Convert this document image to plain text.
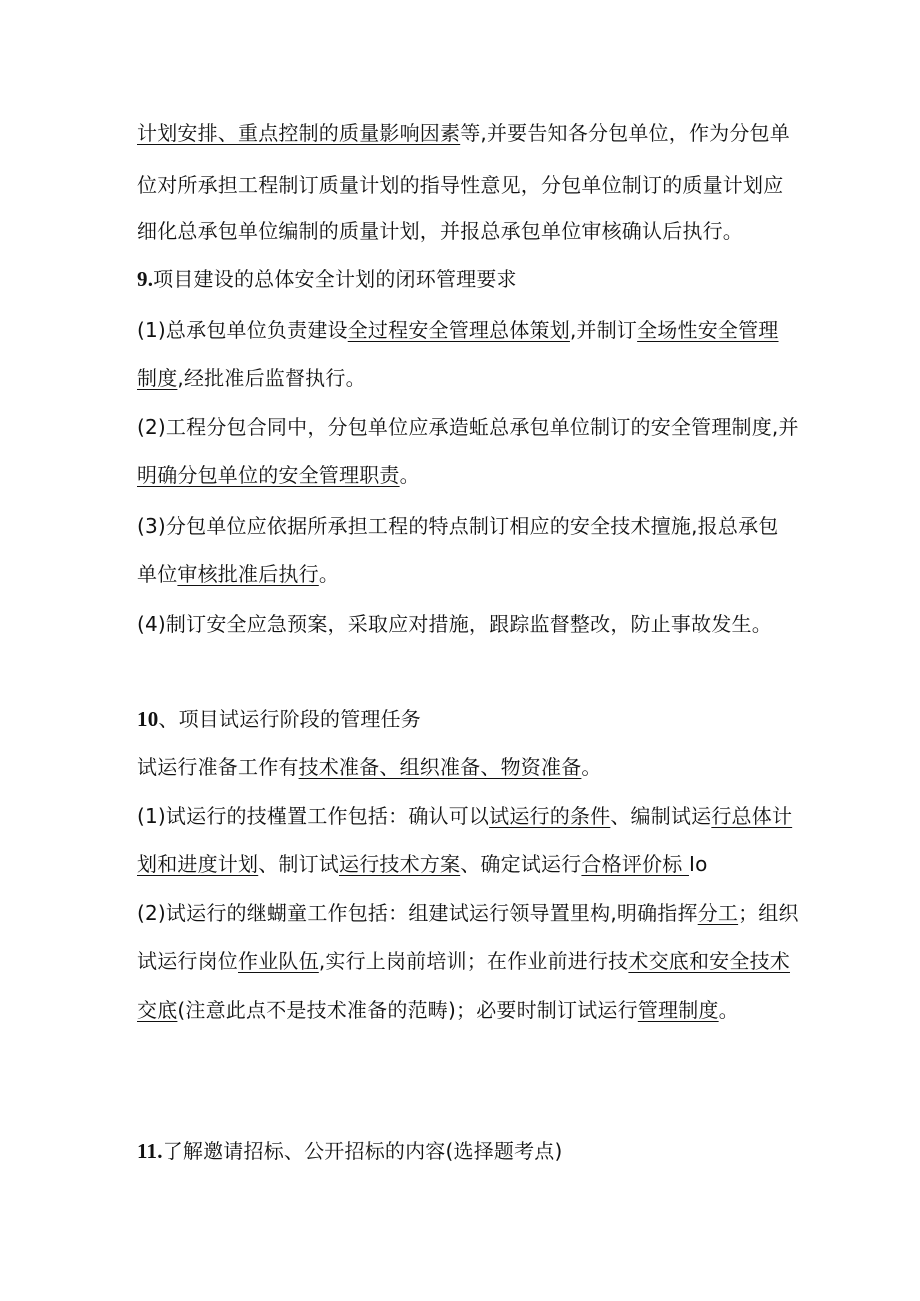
计划安排、重点控制的质量影响因素等,并要告知各分包单位，作为分包单
位对所承担工程制订质量计划的指导性意见，分包单位制订的质量计划应
细化总承包单位编制的质量计划，并报总承包单位审核确认后执行。
9.项目建设的总体安全计划的闭环管理要求
(1)总承包单位负责建设全过程安全管理总体策划,并制订全场性安全管理
制度,经批准后监督执行。
(2)工程分包合同中，分包单位应承造蚯总承包单位制订的安全管理制度,并
明确分包单位的安全管理职责。
(3)分包单位应依据所承担工程的特点制订相应的安全技术擅施,报总承包
单位审核批准后执行。
(4)制订安全应急预案，采取应对措施，跟踪监督整改，防止事故发生。
10、项目试运行阶段的管理任务
试运行准备工作有技术准备、组织准备、物资准备。
(1)试运行的技槿置工作包括：确认可以试运行的条件、编制试运行总体计
划和进度计划、制订试运行技术方案、确定试运行合格评价标 Io
(2)试运行的继蝴童工作包括：组建试运行领导置里构,明确指挥分工；组织
试运行岗位作业队伍,实行上岗前培训；在作业前进行技术交底和安全技术
交底(注意此点不是技术准备的范畴)；必要时制订试运行管理制度。
11.了解邀请招标、公开招标的内容(选择题考点)
